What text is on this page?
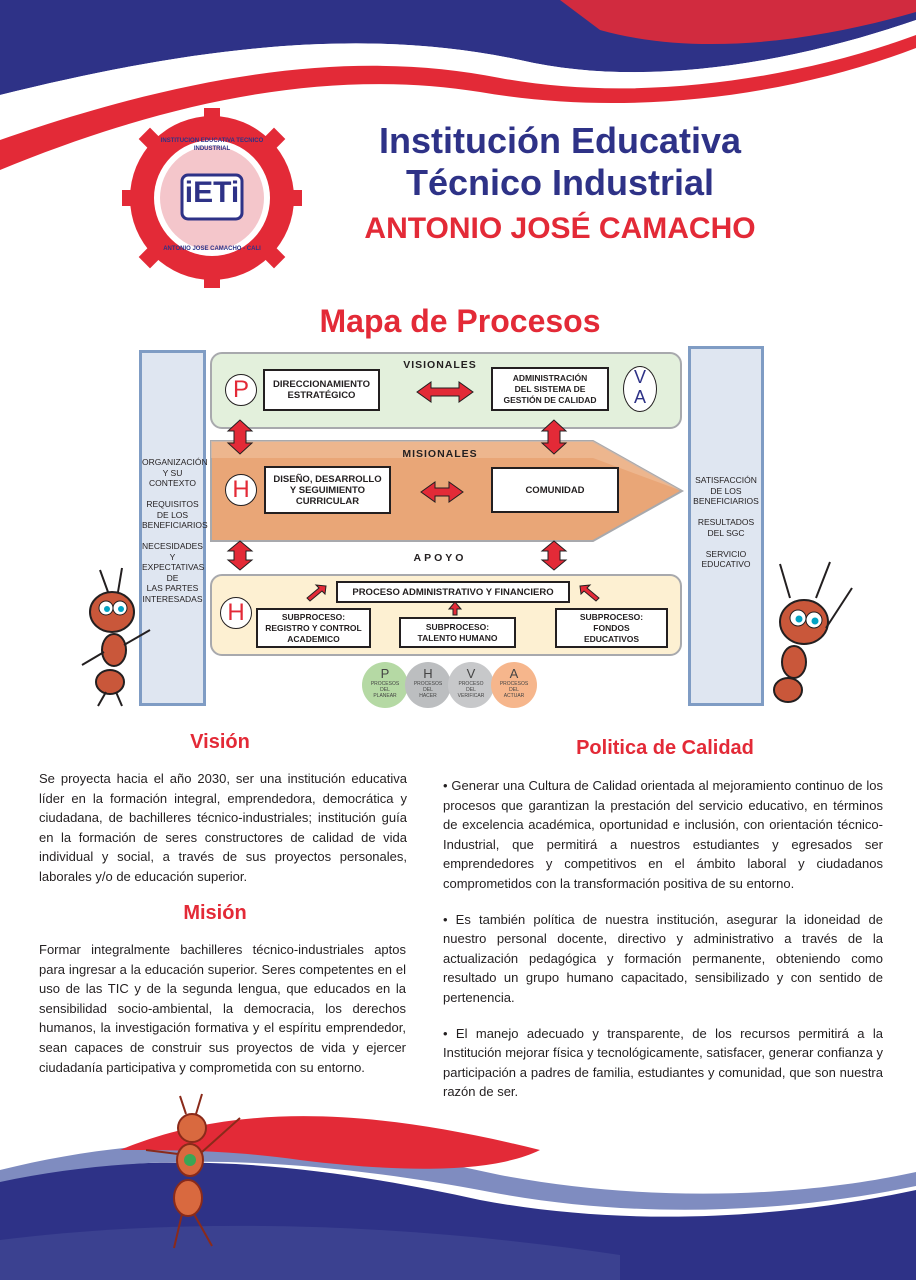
iETi
INSTITUCION EDUCATIVA TECNICO INDUSTRIAL
ANTONIO JOSE CAMACHO - CALI
Institución Educativa
Técnico Industrial
ANTONIO JOSÉ CAMACHO
Mapa de Procesos
ORGANIZACIÓN
Y SU
CONTEXTO

REQUISITOS
DE LOS
BENEFICIARIOS

NECESIDADES
Y
EXPECTATIVAS
DE
LAS PARTES
INTERESADAS
SATISFACCIÓN
DE LOS
BENEFICIARIOS

RESULTADOS
DEL SGC

SERVICIO
EDUCATIVO
VISIONALES
P	DIRECCIONAMIENTO
ESTRATÉGICO
ADMINISTRACIÓN
DEL SISTEMA DE
GESTIÓN DE CALIDAD
V
A
MISIONALES
H	DISEÑO, DESARROLLO
Y SEGUIMIENTO
CURRICULAR
COMUNIDAD
APOYO
H
PROCESO ADMINISTRATIVO Y FINANCIERO
SUBPROCESO:
REGISTRO Y CONTROL
ACADEMICO
SUBPROCESO:
TALENTO HUMANO
SUBPROCESO:
FONDOS
EDUCATIVOS
P
PROCESOS
DEL
PLANEAR
H
PROCESOS
DEL
HACER
V
PROCESO
DEL
VERIFICAR
A
PROCESOS
DEL
ACTUAR
Visión
Se proyecta hacia el año 2030, ser una institución educativa líder en la formación integral, emprendedora, democrática y ciudadana, de bachilleres técnico-industriales; institución guía en la formación de seres constructores de calidad de vida individual y social, a través de sus proyectos personales, laborales y/o de educación superior.
Misión
Formar integralmente bachilleres técnico-industriales aptos para ingresar a la educación superior. Seres competentes en el uso de las TIC y de la segunda lengua, que educados en la sensibilidad socio-ambiental, la democracia, los derechos humanos, la investigación formativa y el espíritu emprendedor, sean capaces de construir sus proyectos de vida y ejercer ciudadanía participativa y comprometida con su entorno.
Politica de Calidad

• Generar una Cultura de Calidad orientada al mejoramiento continuo de los procesos que garantizan la prestación del servicio educativo, en términos de excelencia académica, oportunidad e inclusión, con orientación técnico- Industrial, que permitirá a nuestros estudiantes y egresados ser emprendedores y competitivos en el ámbito laboral y ciudadanos comprometidos con la transformación positiva de su entorno.

• Es también política de nuestra institución, asegurar la idoneidad de nuestro personal docente, directivo y administrativo a través de la actualización pedagógica y formación permanente, obteniendo como resultado un grupo humano capacitado, sensibilizado y con sentido de pertenencia.

• El manejo adecuado y transparente, de los recursos permitirá a la Institución mejorar física y tecnológicamente, satisfacer, generar confianza y participación a padres de familia, estudiantes y comunidad, que son nuestra razón de ser.
